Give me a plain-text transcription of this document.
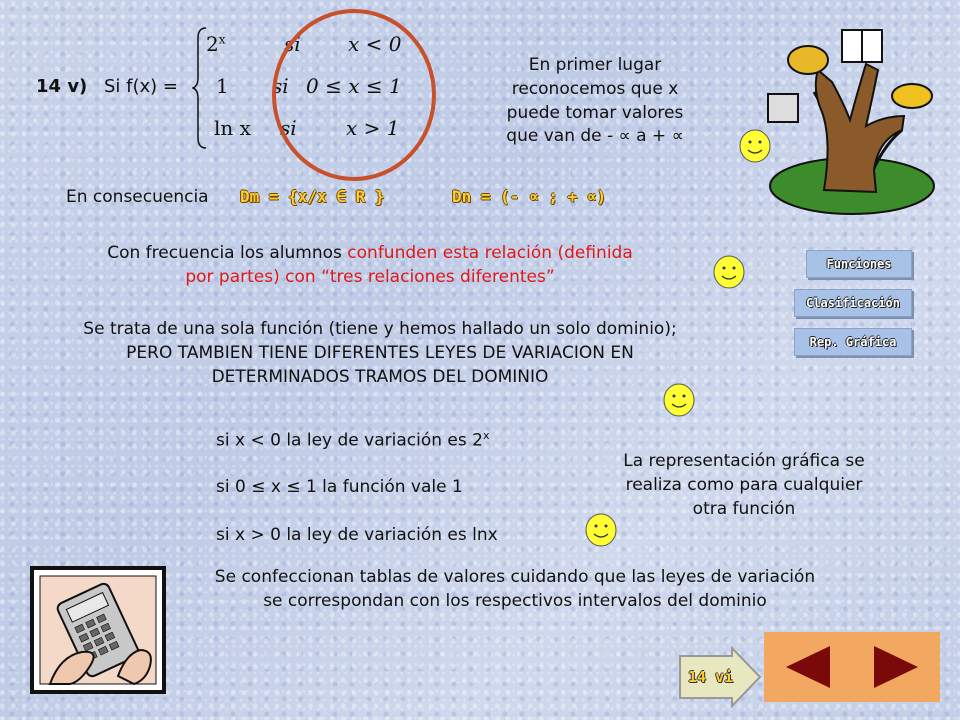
14 v) Si f(x) =
$2^x$	si x < 0
1 si 0 ≤ x ≤ 1
ln x si x > 1
En primer lugar
reconocemos que x
puede tomar valores
que van de - ∝ a + ∝
En consecuencia Dm = {x/x ∈ R }	Dn = (- ∝ ; + ∝)
Con frecuencia los alumnos confunden esta relación (definida
por partes) con “tres relaciones diferentes”
Funciones
Clasificación
Rep. Gráfica
Se trata de una sola función (tiene y hemos hallado un solo dominio);
PERO TAMBIEN TIENE DIFERENTES LEYES DE VARIACION EN
DETERMINADOS TRAMOS DEL DOMINIO
si x < 0 la ley de variación es 2$^x$
si 0 ≤ x ≤ 1 la función vale 1
si x > 0 la ley de variación es lnx
La representación gráfica se
realiza como para cualquier
otra función
Se confeccionan tablas de valores cuidando que las leyes de variación
se correspondan con los respectivos intervalos del dominio
14 vi
